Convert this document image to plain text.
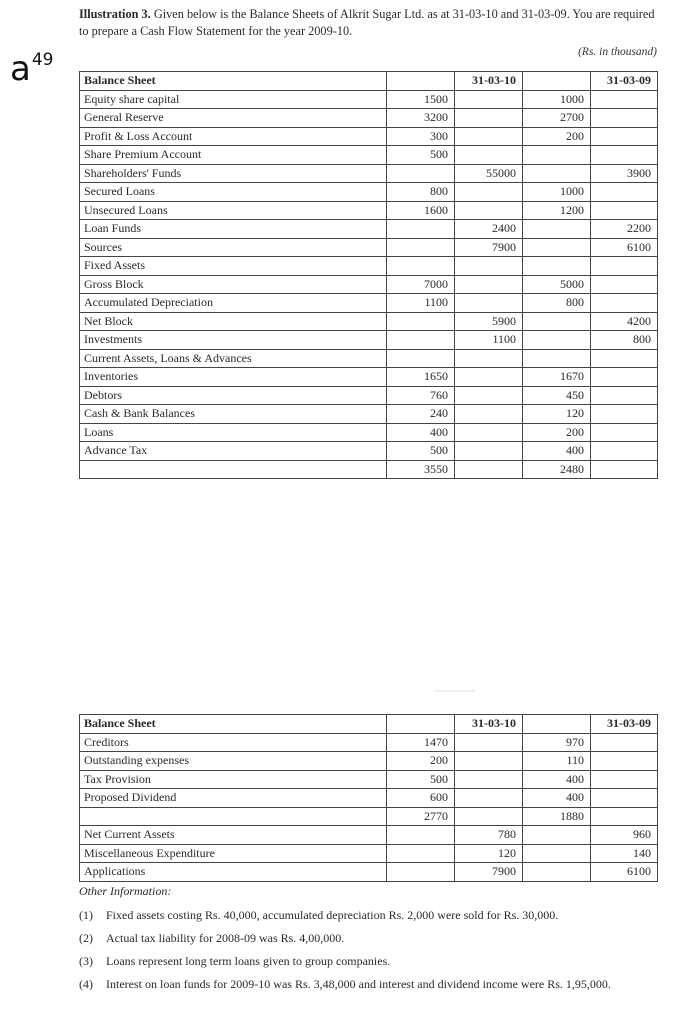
$a^{49}$
Illustration 3. Given below is the Balance Sheets of Alkrit Sugar Ltd. as at 31-03-10 and 31-03-09. You are required to prepare a Cash Flow Statement for the year 2009-10.
(Rs. in thousand)
Balance Sheet		31-03-10		31-03-09
Equity share capital	1500		1000	
General Reserve	3200		2700	
Profit & Loss Account	300		200	
Share Premium Account	500			
Shareholders' Funds		55000		3900
Secured Loans	800		1000	
Unsecured Loans	1600		1200	
Loan Funds		2400		2200
Sources		7900		6100
Fixed Assets				
Gross Block	7000		5000	
Accumulated Depreciation	1100		800	
Net Block		5900		4200
Investments		1100		800
Current Assets, Loans & Advances				
Inventories	1650		1670	
Debtors	760		450	
Cash & Bank Balances	240		120	
Loans	400		200	
Advance Tax	500		400	
	3550		2480	
Balance Sheet		31-03-10		31-03-09
Creditors	1470		970	
Outstanding expenses	200		110	
Tax Provision	500		400	
Proposed Dividend	600		400	
	2770		1880	
Net Current Assets		780		960
Miscellaneous Expenditure		120		140
Applications		7900		6100
Other Information:
(1)	Fixed assets costing Rs. 40,000, accumulated depreciation Rs. 2,000 were sold for Rs. 30,000.
(2)	Actual tax liability for 2008-09 was Rs. 4,00,000.
(3)	Loans represent long term loans given to group companies.
(4)	Interest on loan funds for 2009-10 was Rs. 3,48,000 and interest and dividend income were Rs. 1,95,000.
